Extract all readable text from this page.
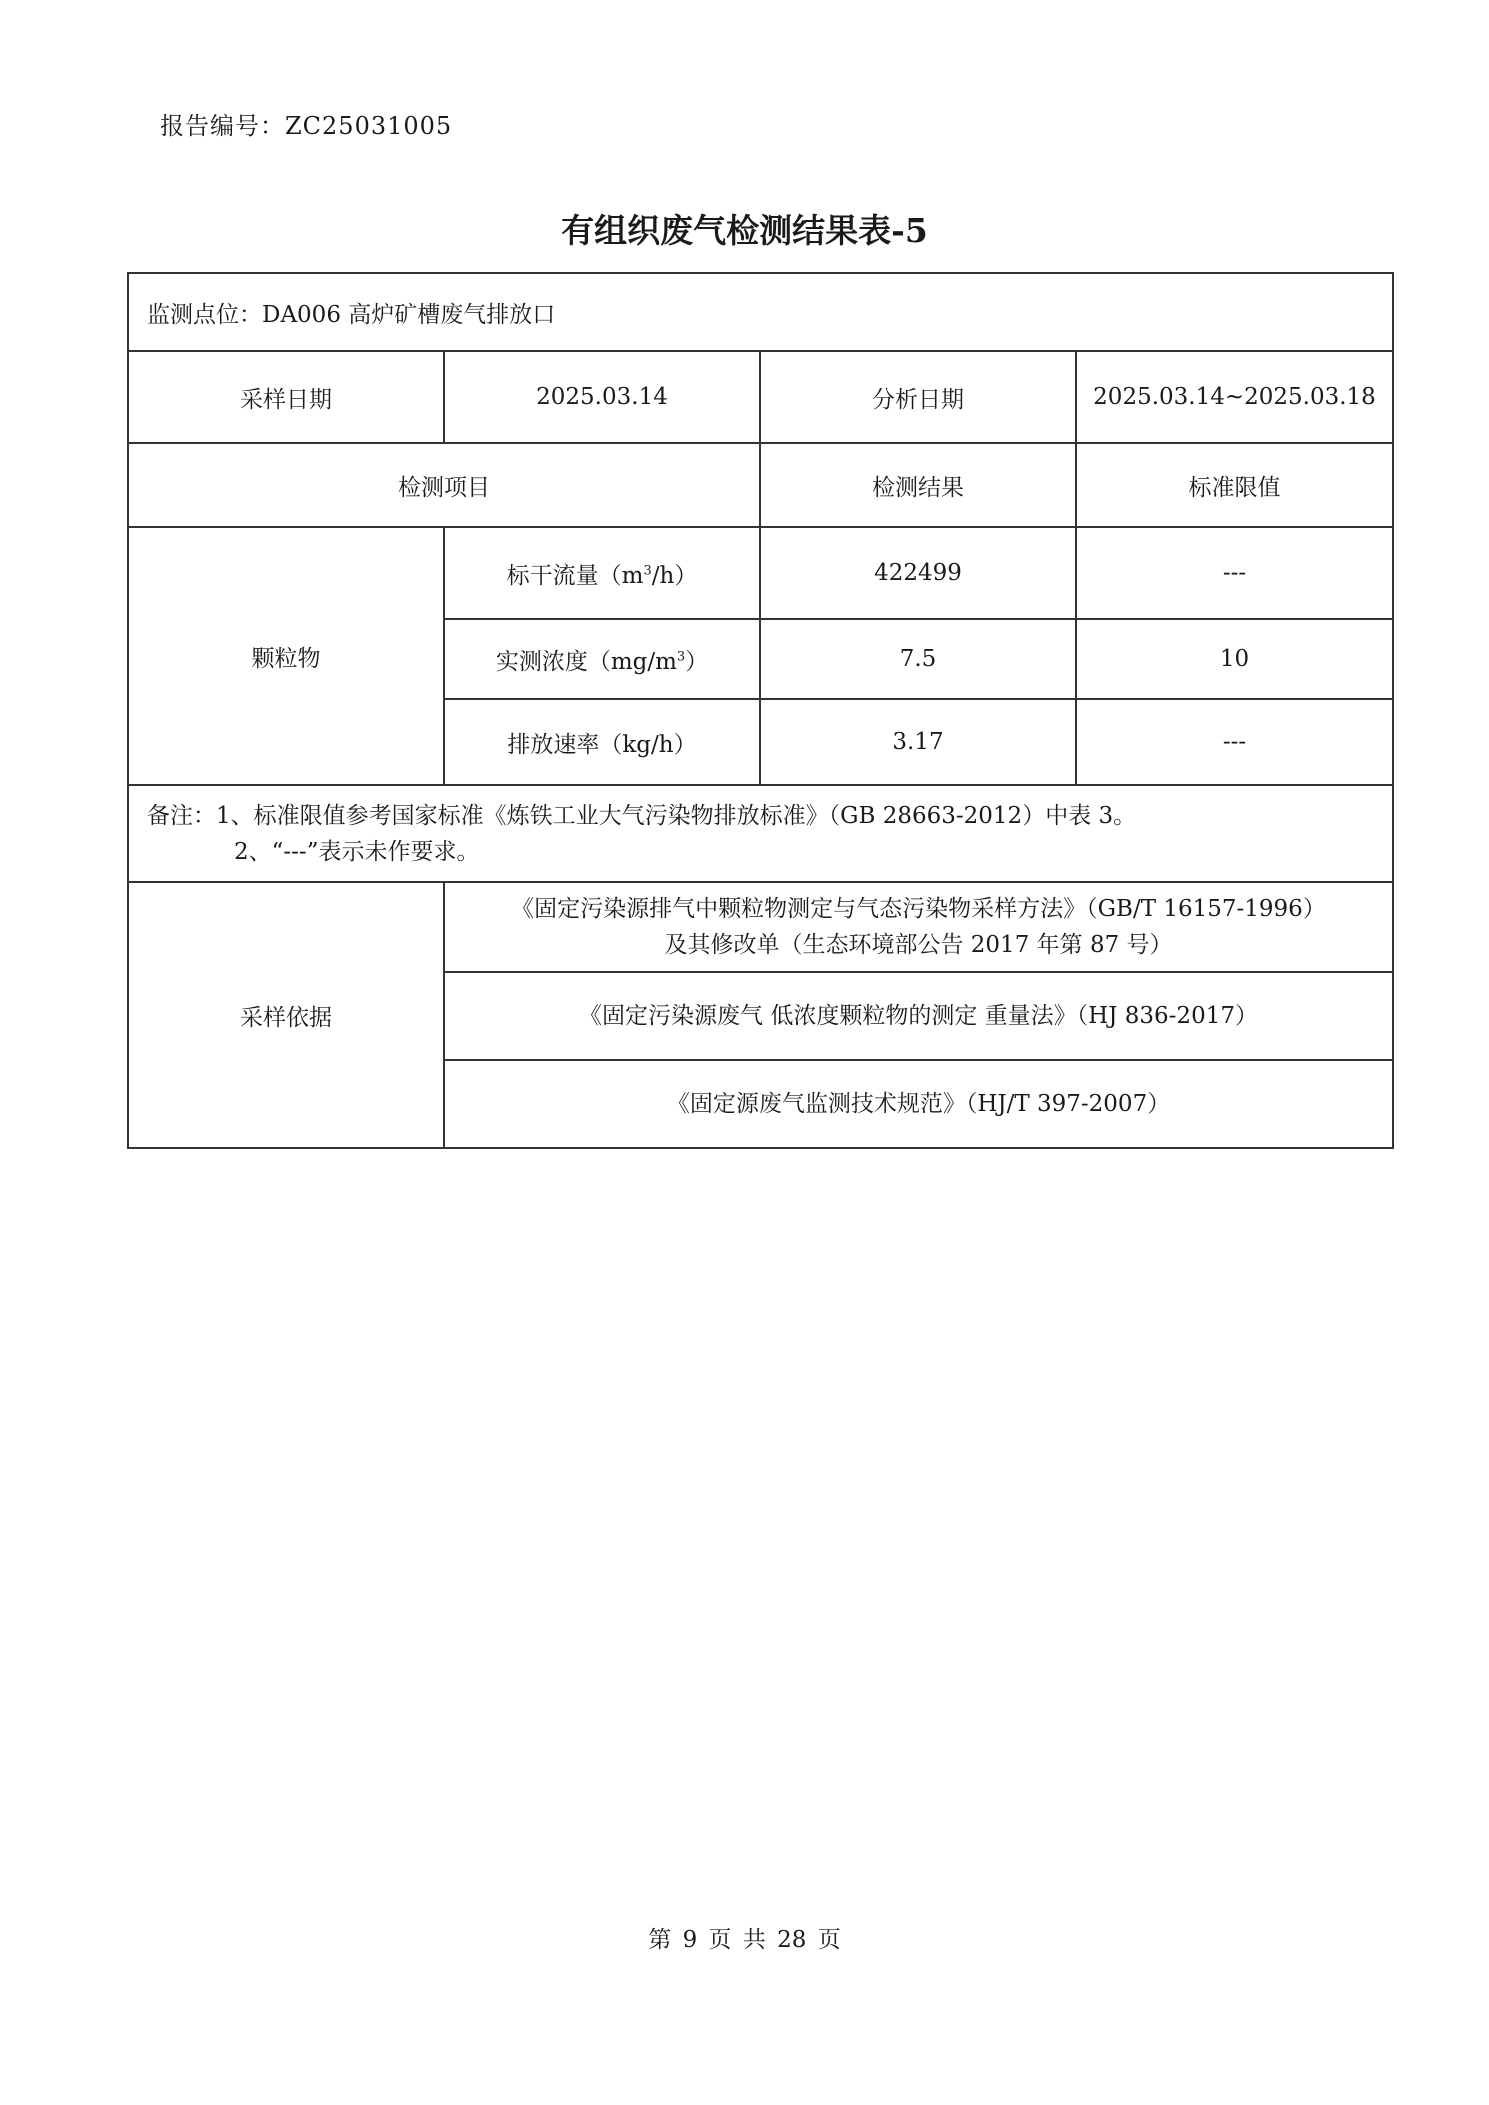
报告编号：ZC25031005
有组织废气检测结果表-5
监测点位：DA006 高炉矿槽废气排放口			
采样日期	2025.03.14	分析日期	2025.03.14~2025.03.18
检测项目		检测结果	标准限值
颗粒物	标干流量$(m^3/h)$	422499	---
	实测浓度$(mg/m^3)$	7.5	10
	排放速率（kg/h）	3.17	---

备注：1、标准限值参考国家标准《炼铁工业大气污染物排放标准》（GB 28663-2012）中表 3。
2、“---”表示未作要求。			

采样依据	《固定污染源排气中颗粒物测定与气态污染物采样方法》（GB/T 16157-1996）
及其修改单（生态环境部公告 2017 年第 87 号）		

	《固定污染源废气 低浓度颗粒物的测定 重量法》（HJ 836-2017）		

	《固定源废气监测技术规范》（HJ/T 397-2007）		
第 9 页 共 28 页
